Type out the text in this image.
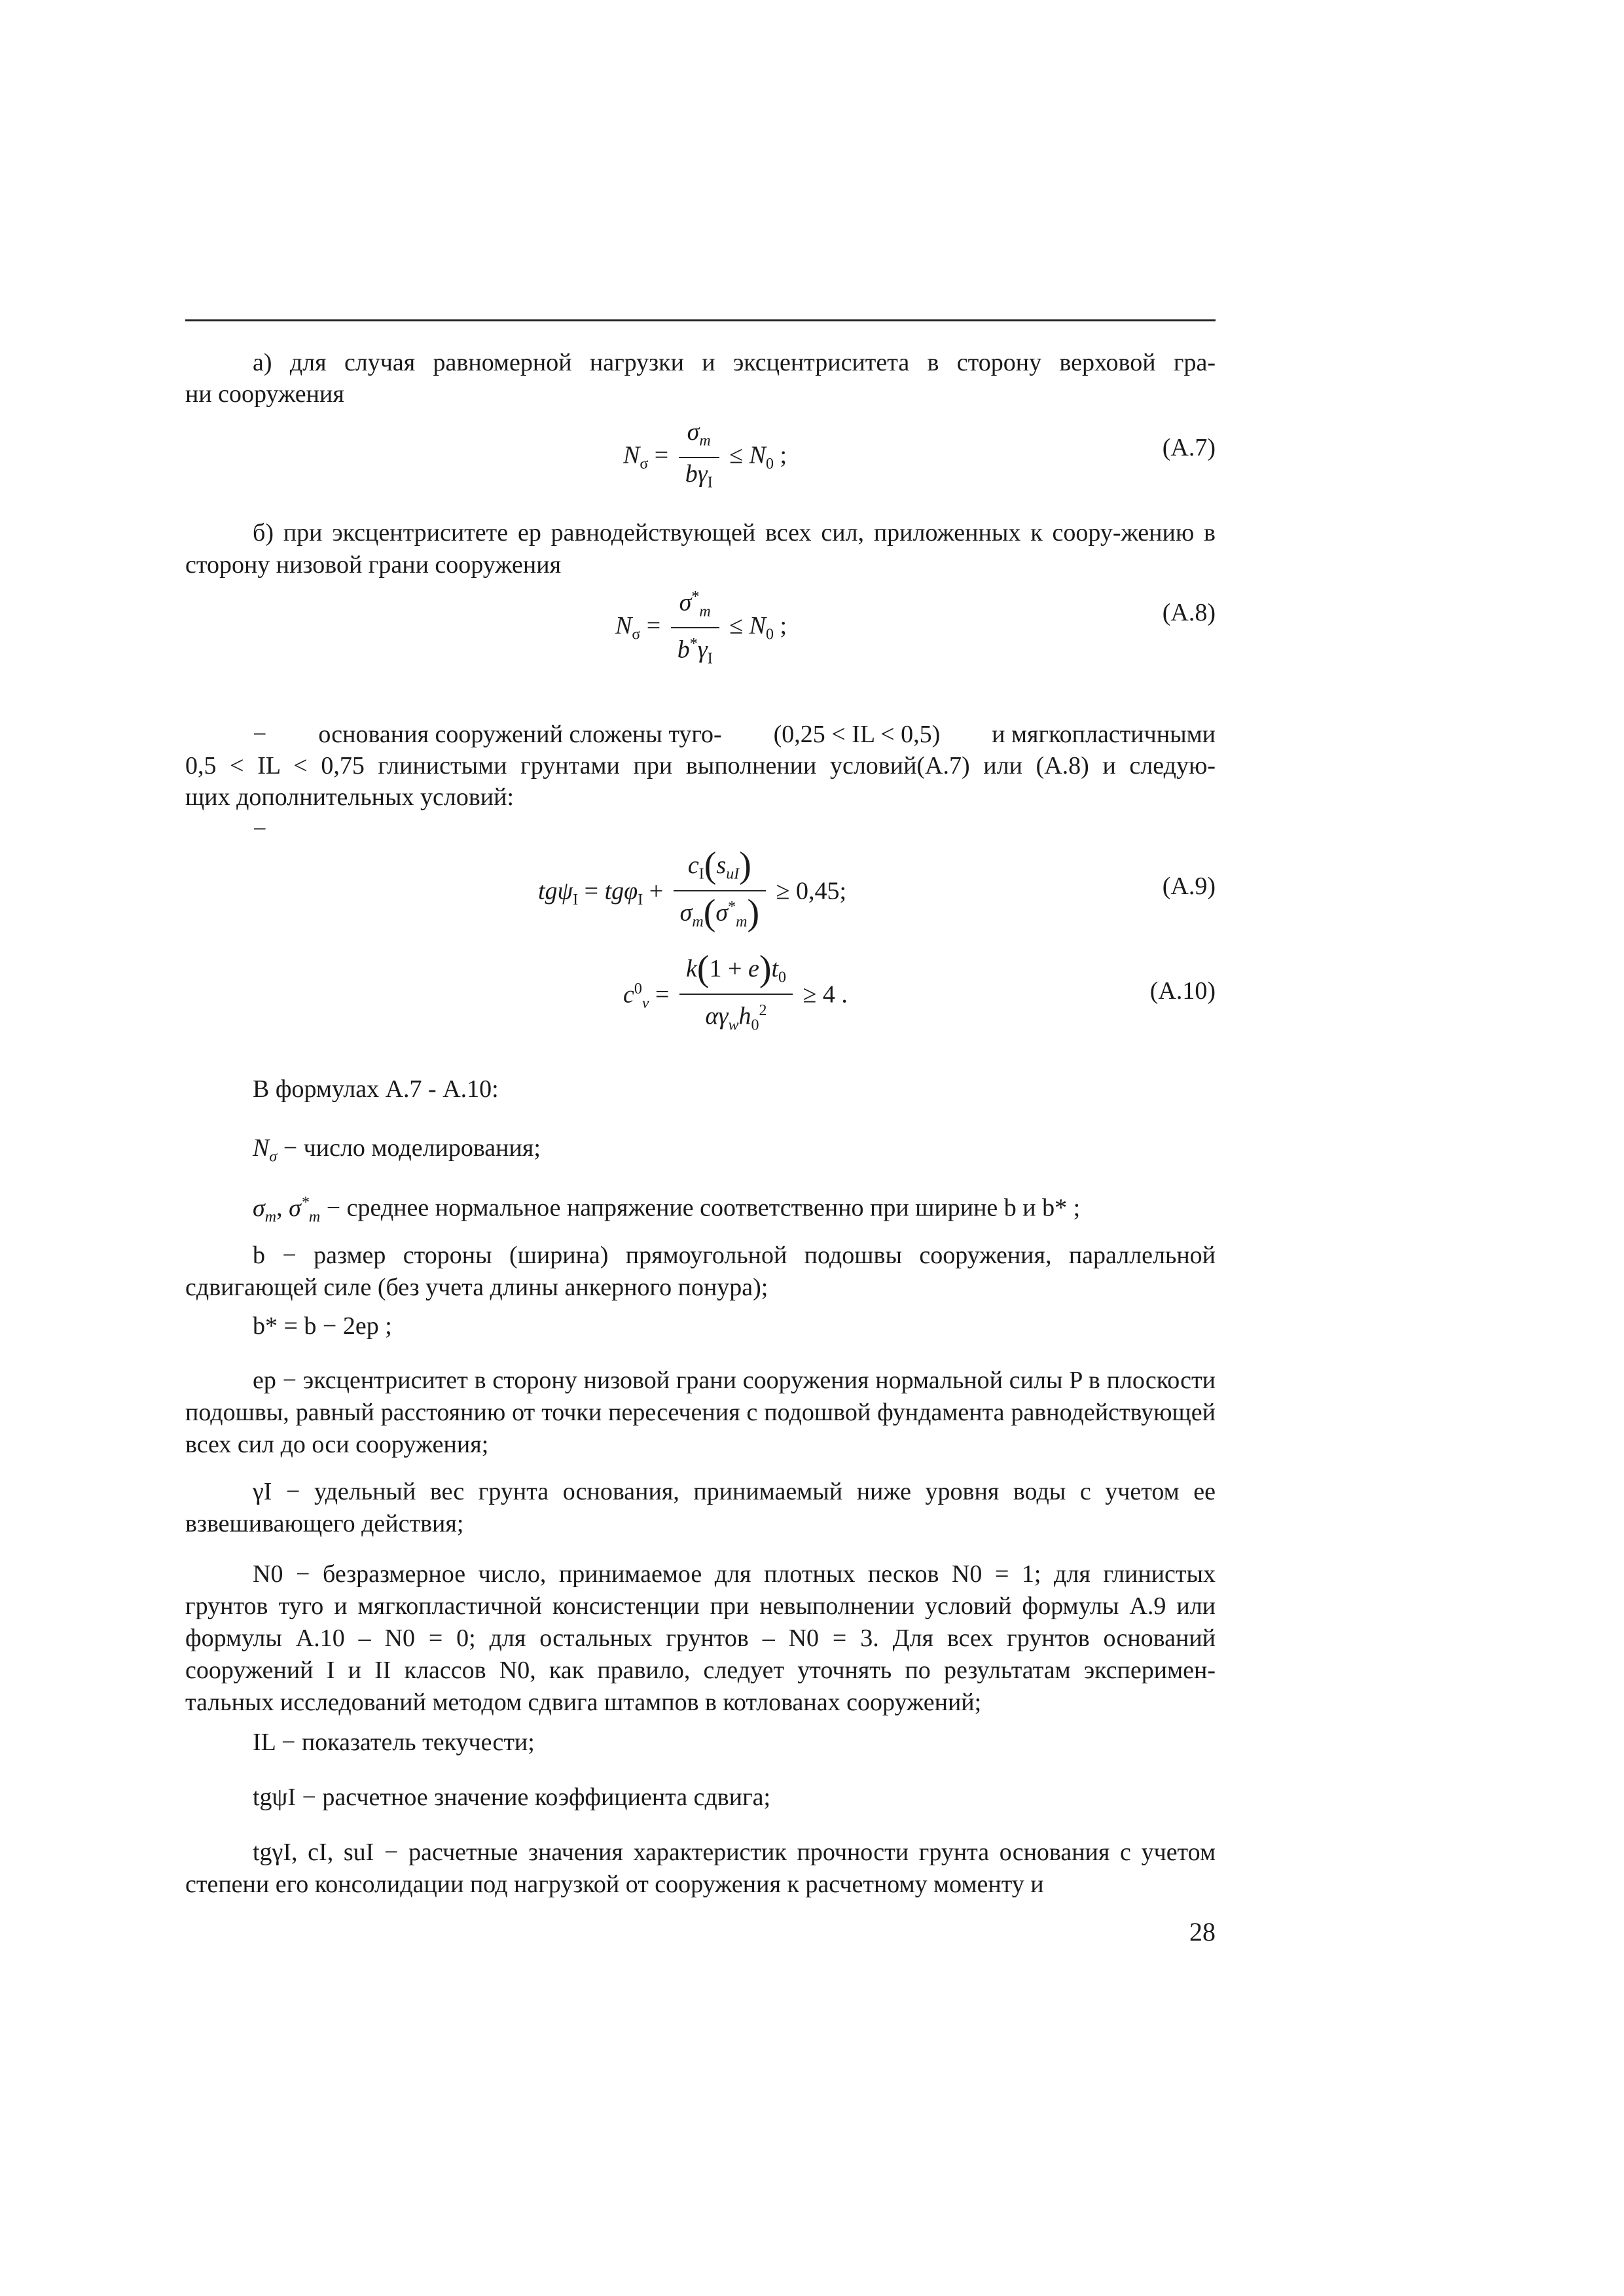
а) для случая равномерной нагрузки и эксцентриситета в сторону верховой гра-

ни сооружения

$N_\sigma = \frac{\sigma_m}{b\gamma_I} \le N_0$ ;	(А.7)

б) при эксцентриситете eр равнодействующей всех сил, приложенных к соору-жению в сторону низовой грани сооружения

$N_\sigma = \frac{\sigma^*_m}{b^*\gamma_I} \le N_0$ ;	(А.8)

− основания сооружений сложены туго- (0,25 < IL < 0,5) и мягкопластичными

0,5 < IL < 0,75 глинистыми грунтами при выполнении условий(А.7) или (А.8) и следую-

щих дополнительных условий:

−

$tg\psi_I = tg\varphi_I + \frac{c_I(s_{uI})}{\sigma_m(\sigma^*_m)} \ge 0,45$;	(А.9)
$c^0_v = \frac{k(1 + e)t_0}{\alpha\gamma_wh_0^2} \ge 4$ .	(А.10)

В формулах А.7 - А.10:

$N_\sigma$ − число моделирования;

$\sigma_m$, $\sigma^*_m$ − среднее нормальное напряжение соответственно при ширине b и b* ;

b − размер стороны (ширина) прямоугольной подошвы сооружения, параллельной сдвигающей силе (без учета длины анкерного понура);

b* = b − 2ep ;

ep − эксцентриситет в сторону низовой грани сооружения нормальной силы P в плоскости подошвы, равный расстоянию от точки пересечения с подошвой фундамента равнодействующей всех сил до оси сооружения;

γI − удельный вес грунта основания, принимаемый ниже уровня воды с учетом ее взвешивающего действия;

N0 − безразмерное число, принимаемое для плотных песков N0 = 1; для глинистых грунтов туго и мягкопластичной консистенции при невыполнении условий формулы А.9 или формулы А.10 – N0 = 0; для остальных грунтов – N0 = 3. Для всех грунтов оснований сооружений I и II классов N0, как правило, следует уточнять по результатам эксперимен-тальных исследований методом сдвига штампов в котлованах сооружений;

IL − показатель текучести;

tgψI − расчетное значение коэффициента сдвига;

tgγI, cI, suI − расчетные значения характеристик прочности грунта основания с учетом степени его консолидации под нагрузкой от сооружения к расчетному моменту и

28
